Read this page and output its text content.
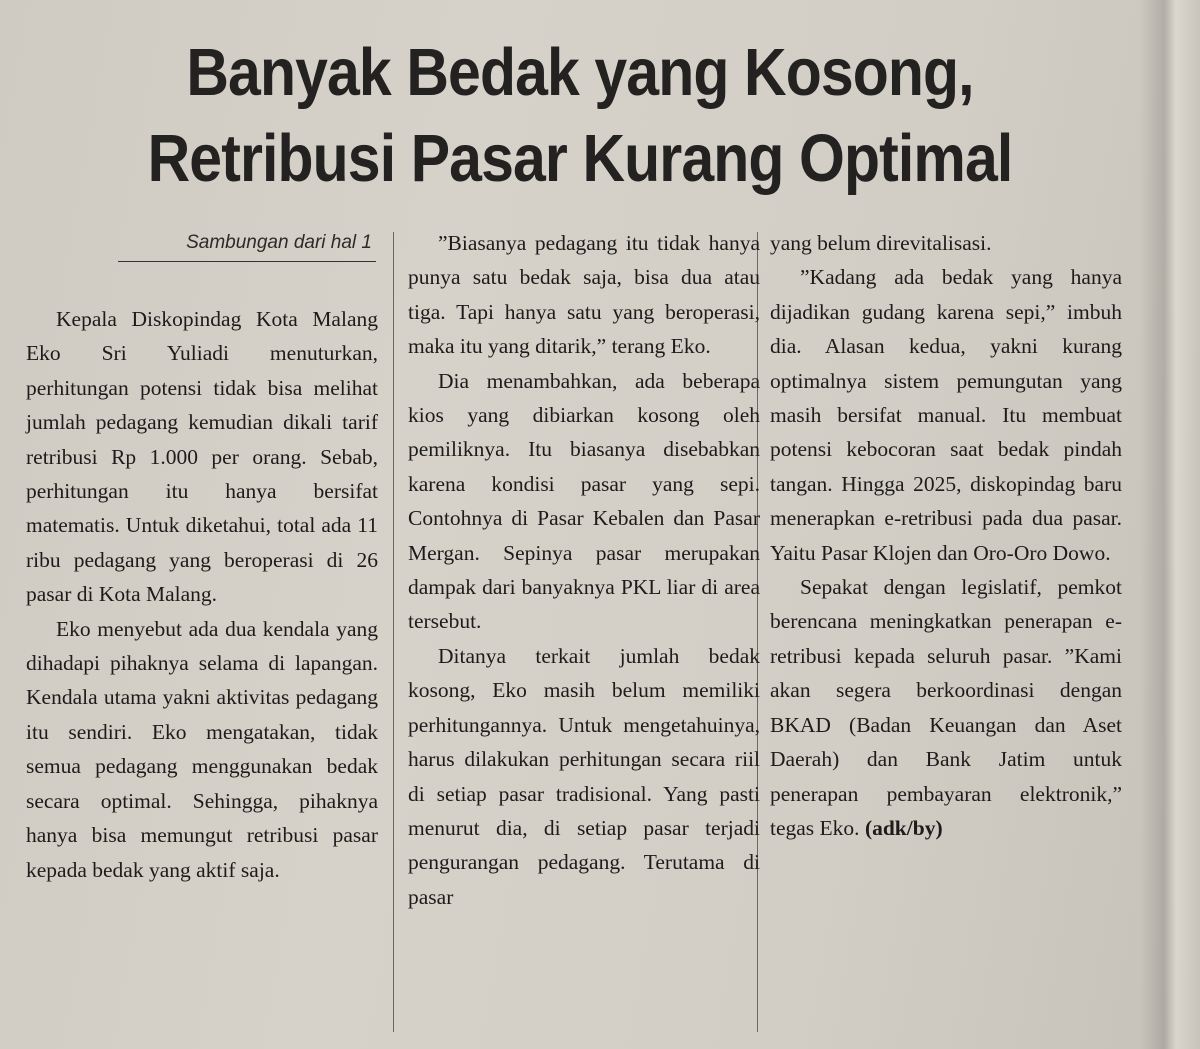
Banyak Bedak yang Kosong,
Retribusi Pasar Kurang Optimal
Sambungan dari hal 1

Kepala Diskopindag Kota Malang Eko Sri Yuliadi menuturkan, perhitungan potensi tidak bisa melihat jumlah pedagang kemudian dikali tarif retribusi Rp 1.000 per orang. Sebab, perhitungan itu hanya bersifat matematis. Untuk diketahui, total ada 11 ribu pedagang yang beroperasi di 26 pasar di Kota Malang.

Eko menyebut ada dua kendala yang dihadapi pihaknya selama di lapangan. Kendala utama yakni aktivitas pedagang itu sendiri. Eko mengatakan, tidak semua pedagang menggunakan bedak secara optimal. Sehingga, pihaknya hanya bisa memungut retribusi pasar kepada bedak yang aktif saja.

”Biasanya pedagang itu tidak hanya punya satu bedak saja, bisa dua atau tiga. Tapi hanya satu yang beroperasi, maka itu yang ditarik,” terang Eko.

Dia menambahkan, ada beberapa kios yang dibiarkan kosong oleh pemiliknya. Itu biasanya disebabkan karena kondisi pasar yang sepi. Contohnya di Pasar Kebalen dan Pasar Mergan. Sepinya pasar merupakan dampak dari banyaknya PKL liar di area tersebut.

Ditanya terkait jumlah bedak kosong, Eko masih belum memiliki perhitungannya. Untuk mengetahuinya, harus dilakukan perhitungan secara riil di setiap pasar tradisional. Yang pasti menurut dia, di setiap pasar terjadi pengurangan pedagang. Terutama di pasar

yang belum direvitalisasi.

”Kadang ada bedak yang hanya dijadikan gudang karena sepi,” imbuh dia. Alasan kedua, yakni kurang optimalnya sistem pemungutan yang masih bersifat manual. Itu membuat potensi kebocoran saat bedak pindah tangan. Hingga 2025, diskopindag baru menerapkan e-retribusi pada dua pasar. Yaitu Pasar Klojen dan Oro-Oro Dowo.

Sepakat dengan legislatif, pemkot berencana meningkatkan penerapan e-retribusi kepada seluruh pasar. ”Kami akan segera berkoordinasi dengan BKAD (Badan Keuangan dan Aset Daerah) dan Bank Jatim untuk penerapan pembayaran elektronik,” tegas Eko. (adk/by)
